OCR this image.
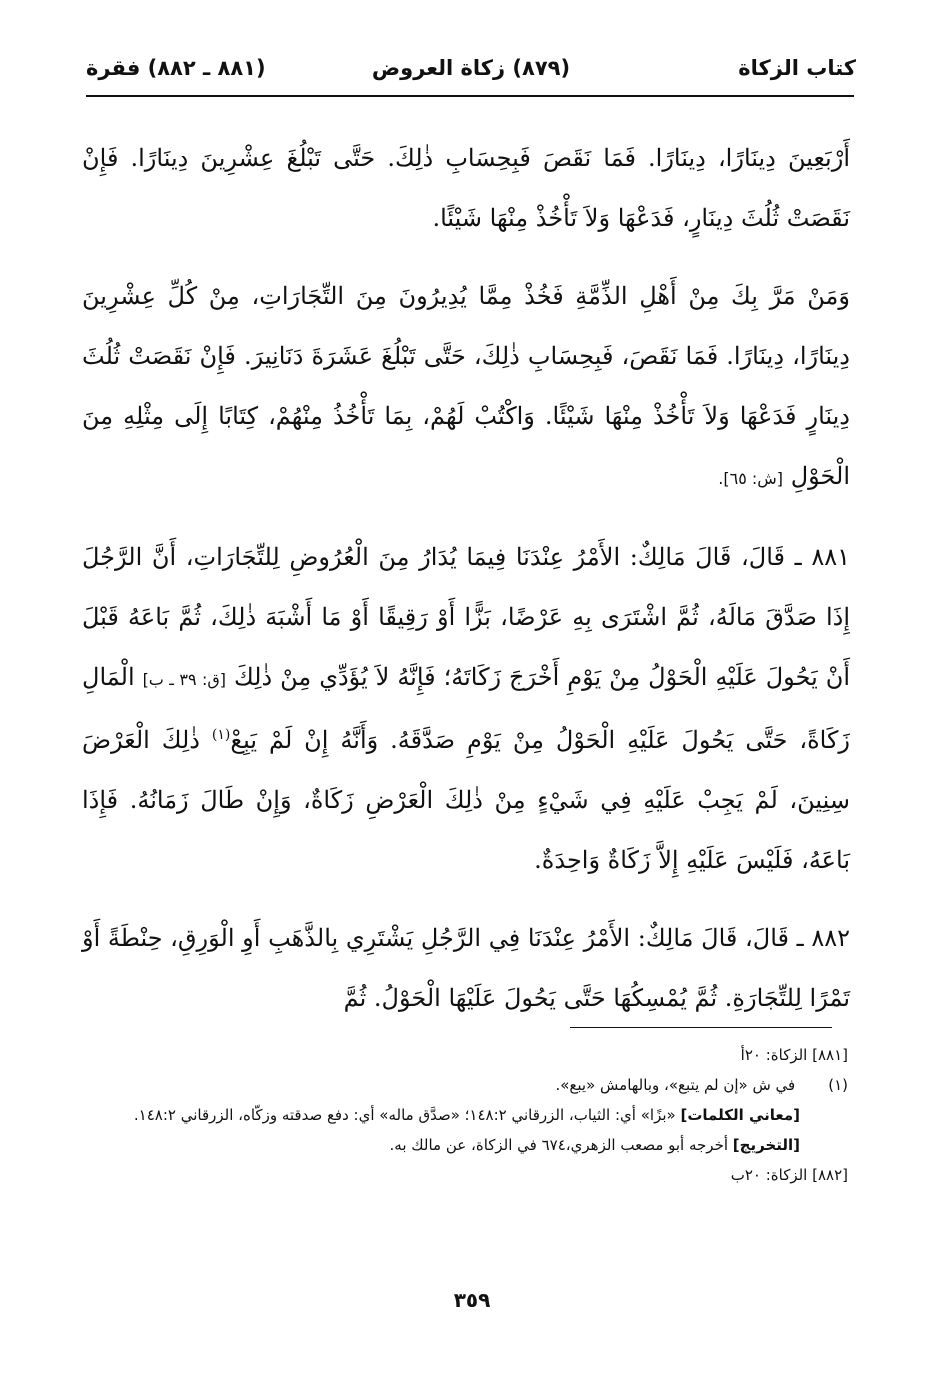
كتاب الزكاة
(٨٧٩) زكاة العروض
(٨٨١ ـ ٨٨٢) فقرة

أَرْبَعِينَ دِينَارًا، دِينَارًا. فَمَا نَقَصَ فَبِحِسَابِ ذٰلِكَ. حَتَّى تَبْلُغَ عِشْرِينَ دِينَارًا. فَإِنْ نَقَصَتْ ثُلُثَ دِينَارٍ، فَدَعْهَا وَلاَ تَأْخُذْ مِنْهَا شَيْئًا.

وَمَنْ مَرَّ بِكَ مِنْ أَهْلِ الذِّمَّةِ فَخُذْ مِمَّا يُدِيرُونَ مِنَ التِّجَارَاتِ، مِنْ كُلِّ عِشْرِينَ دِينَارًا، دِينَارًا. فَمَا نَقَصَ، فَبِحِسَابِ ذٰلِكَ، حَتَّى تَبْلُغَ عَشَرَةَ دَنَانِيرَ. فَإِنْ نَقَصَتْ ثُلُثَ دِينَارٍ فَدَعْهَا وَلاَ تَأْخُذْ مِنْهَا شَيْئًا. وَاكْتُبْ لَهُمْ، بِمَا تَأْخُذُ مِنْهُمْ، كِتَابًا إِلَى مِثْلِهِ مِنَ الْحَوْلِ [ش: ٦٥].

٨٨١ ـ قَالَ، قَالَ مَالِكٌ: الأَمْرُ عِنْدَنَا فِيمَا يُدَارُ مِنَ الْعُرُوضِ لِلتِّجَارَاتِ، أَنَّ الرَّجُلَ إِذَا صَدَّقَ مَالَهُ، ثُمَّ اشْتَرَى بِهِ عَرْضًا، بَزًّا أَوْ رَقِيقًا أَوْ مَا أَشْبَهَ ذٰلِكَ، ثُمَّ بَاعَهُ قَبْلَ أَنْ يَحُولَ عَلَيْهِ الْحَوْلُ مِنْ يَوْمِ أَخْرَجَ زَكَاتَهُ؛ فَإِنَّهُ لاَ يُؤَدِّي مِنْ ذٰلِكَ [ق: ٣٩ ـ ب] الْمَالِ زَكَاةً، حَتَّى يَحُولَ عَلَيْهِ الْحَوْلُ مِنْ يَوْمِ صَدَّقَهُ. وَأَنَّهُ إِنْ لَمْ يَبِعْ$^{(١)}$ ذٰلِكَ الْعَرْضَ سِنِينَ، لَمْ يَجِبْ عَلَيْهِ فِي شَيْءٍ مِنْ ذٰلِكَ الْعَرْضِ زَكَاةٌ، وَإِنْ طَالَ زَمَانُهُ. فَإِذَا بَاعَهُ، فَلَيْسَ عَلَيْهِ إِلاَّ زَكَاةٌ وَاحِدَةٌ.

٨٨٢ ـ قَالَ، قَالَ مَالِكٌ: الأَمْرُ عِنْدَنَا فِي الرَّجُلِ يَشْتَرِي بِالذَّهَبِ أَوِ الْوَرِقِ، حِنْطَةً أَوْ تَمْرًا لِلتِّجَارَةِ. ثُمَّ يُمْسِكُهَا حَتَّى يَحُولَ عَلَيْهَا الْحَوْلُ. ثُمَّ

[٨٨١] الزكاة: ٢٠أ

(١) في ش «إن لم يتبع»، وبالهامش «يبع».

[معاني الكلمات] «بزًا» أي: الثياب، الزرقاني ١٤٨:٢؛ «صدَّق ماله» أي: دفع صدقته وزكّاه، الزرقاني ١٤٨:٢.

[التخريج] أخرجه أبو مصعب الزهري،٦٧٤ في الزكاة، عن مالك به.

[٨٨٢] الزكاة: ٢٠ب

٣٥٩
